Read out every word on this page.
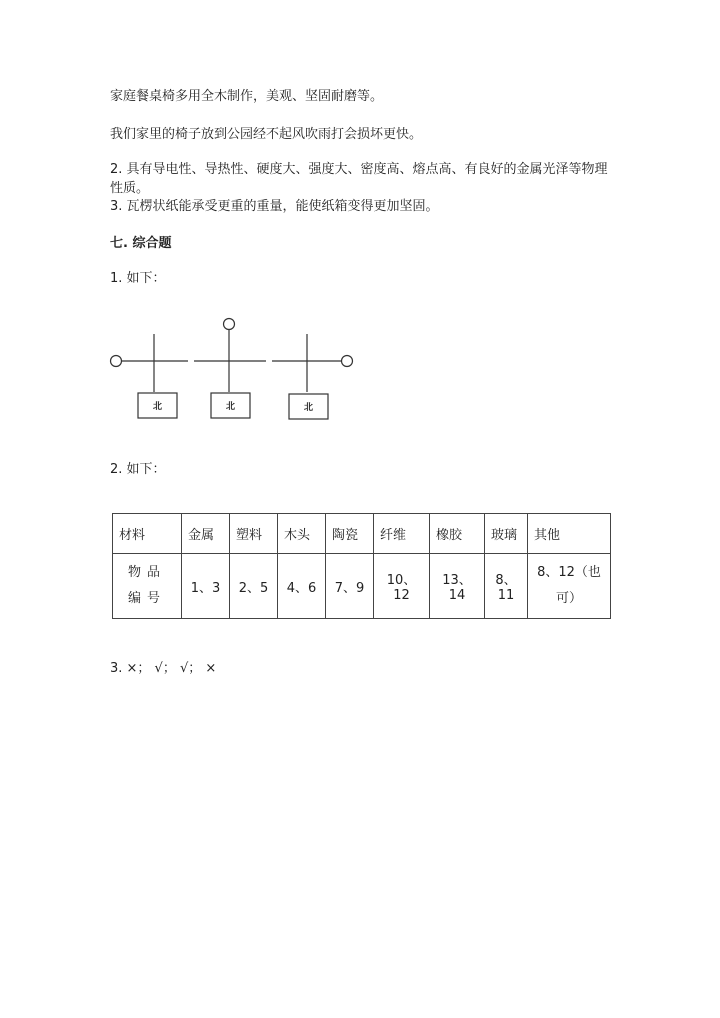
家庭餐桌椅多用全木制作，美观、坚固耐磨等。

我们家里的椅子放到公园经不起风吹雨打会损坏更快。

2. 具有导电性、导热性、硬度大、强度大、密度高、熔点高、有良好的金属光泽等物理性质。

3. 瓦楞状纸能承受更重的重量，能使纸箱变得更加坚固。

七. 综合题

1. 如下：

北	北	北

2. 如下：

材料	金属	塑料	木头	陶瓷	纤维	橡胶	玻璃	其他
物品编号	1、3	2、5	4、6	7、9	10、12	13、14	8、11	8、12（也可）

3. ×； √； √； ×
